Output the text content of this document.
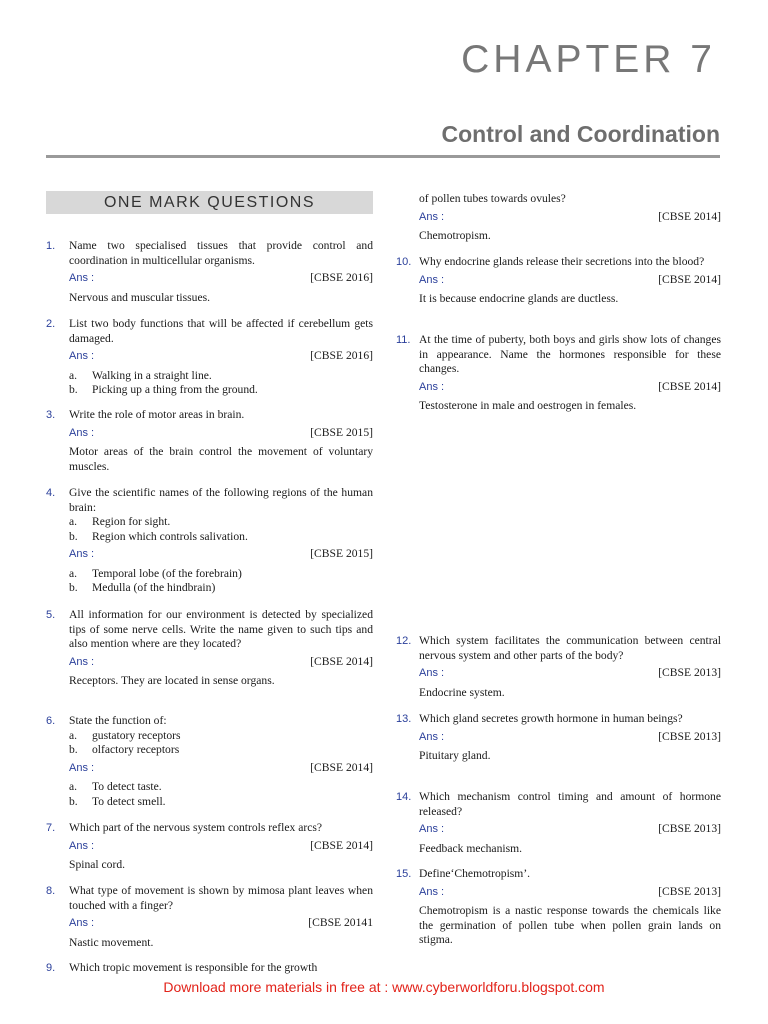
CHAPTER 7
Control and Coordination
ONE MARK QUESTIONS
1.	Name two specialised tissues that provide control and coordination in multicellular organisms.
Ans :	[CBSE 2016]
Nervous and muscular tissues.
2.	List two body functions that will be affected if cerebellum gets damaged.
Ans :	[CBSE 2016]
a.	Walking in a straight line.
b.	Picking up a thing from the ground.
3.	Write the role of motor areas in brain.
Ans :	[CBSE 2015]
Motor areas of the brain control the movement of voluntary muscles.
4.	Give the scientific names of the following regions of the human brain:
a.	Region for sight.
b.	Region which controls salivation.
Ans :	[CBSE 2015]
a.	Temporal lobe (of the forebrain)
b.	Medulla (of the hindbrain)
5.	All information for our environment is detected by specialized tips of some nerve cells. Write the name given to such tips and also mention where are they located?
Ans :	[CBSE 2014]
Receptors. They are located in sense organs.
6.	State the function of:
a.	gustatory receptors
b.	olfactory receptors
Ans :	[CBSE 2014]
a.	To detect taste.
b.	To detect smell.
7.	Which part of the nervous system controls reflex arcs?
Ans :	[CBSE 2014]
Spinal cord.
8.	What type of movement is shown by mimosa plant leaves when touched with a finger?
Ans :	[CBSE 20141
Nastic movement.
9.	Which tropic movement is responsible for the growth
of pollen tubes towards ovules?
Ans :	[CBSE 2014]
Chemotropism.
10. Why endocrine glands release their secretions into the blood?
Ans :	[CBSE 2014]
It is because endocrine glands are ductless.
11. At the time of puberty, both boys and girls show lots of changes in appearance. Name the hormones responsible for these changes.
Ans :	[CBSE 2014]
Testosterone in male and oestrogen in females.
12. Which system facilitates the communication between central nervous system and other parts of the body?
Ans :	[CBSE 2013]
Endocrine system.
13. Which gland secretes growth hormone in human beings?
Ans :	[CBSE 2013]
Pituitary gland.
14. Which mechanism control timing and amount of hormone released?
Ans :	[CBSE 2013]
Feedback mechanism.
15. Define‘Chemotropism’.
Ans :	[CBSE 2013]
Chemotropism is a nastic response towards the chemicals like the germination of pollen tube when pollen grain lands on stigma.
Download more materials in free at : www.cyberworldforu.blogspot.com
